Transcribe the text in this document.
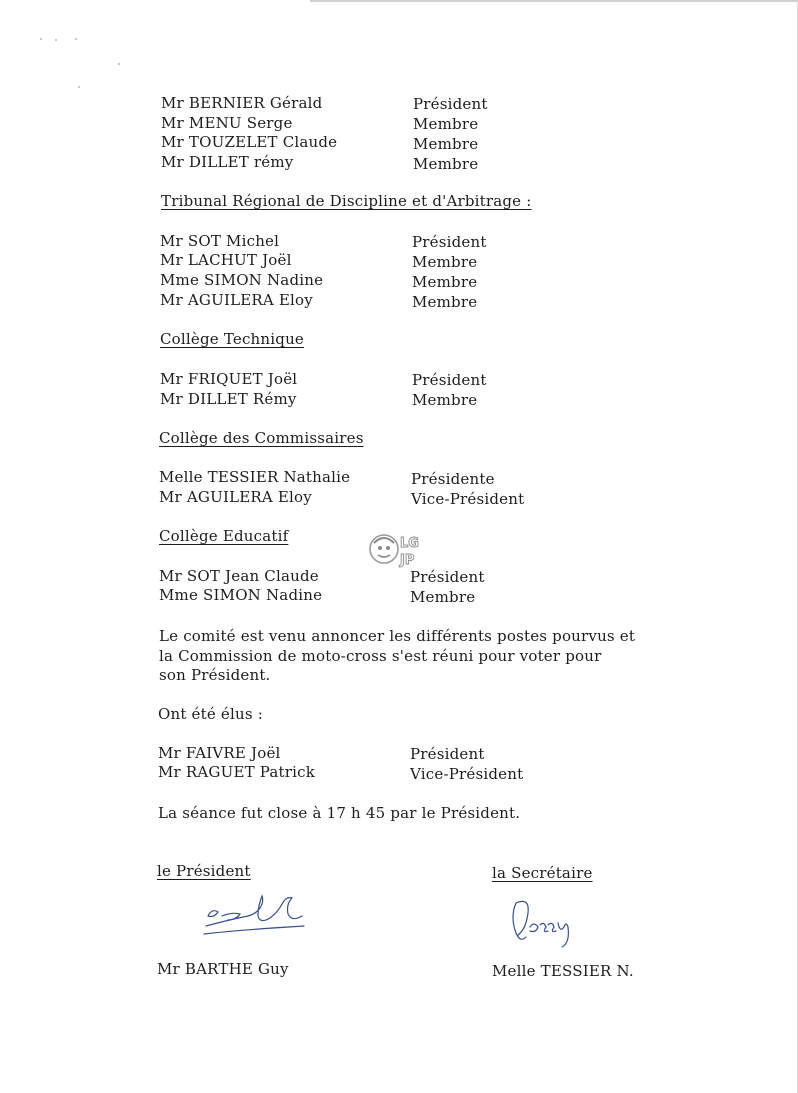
Mr BERNIER Gérald	Président
Mr MENU Serge	Membre
Mr TOUZELET Claude	Membre
Mr DILLET rémy	Membre
Tribunal Régional de Discipline et d'Arbitrage :
Mr SOT Michel	Président
Mr LACHUT Joël	Membre
Mme SIMON Nadine	Membre
Mr AGUILERA Eloy	Membre
Collège Technique
Mr FRIQUET Joël	Président
Mr DILLET Rémy	Membre
Collège des Commissaires
Melle TESSIER Nathalie	Présidente
Mr AGUILERA Eloy	Vice-Président
Collège Educatif
Mr SOT Jean Claude	Président
Mme SIMON Nadine	Membre
LG
JP
Le comité est venu annoncer les différents postes pourvus et
la Commission de moto-cross s'est réuni pour voter pour
son Président.
Ont été élus :
Mr FAIVRE Joël	Président
Mr RAGUET Patrick	Vice-Président
La séance fut close à 17 h 45 par le Président.
le Président	la Secrétaire
Mr BARTHE Guy	Melle TESSIER N.
